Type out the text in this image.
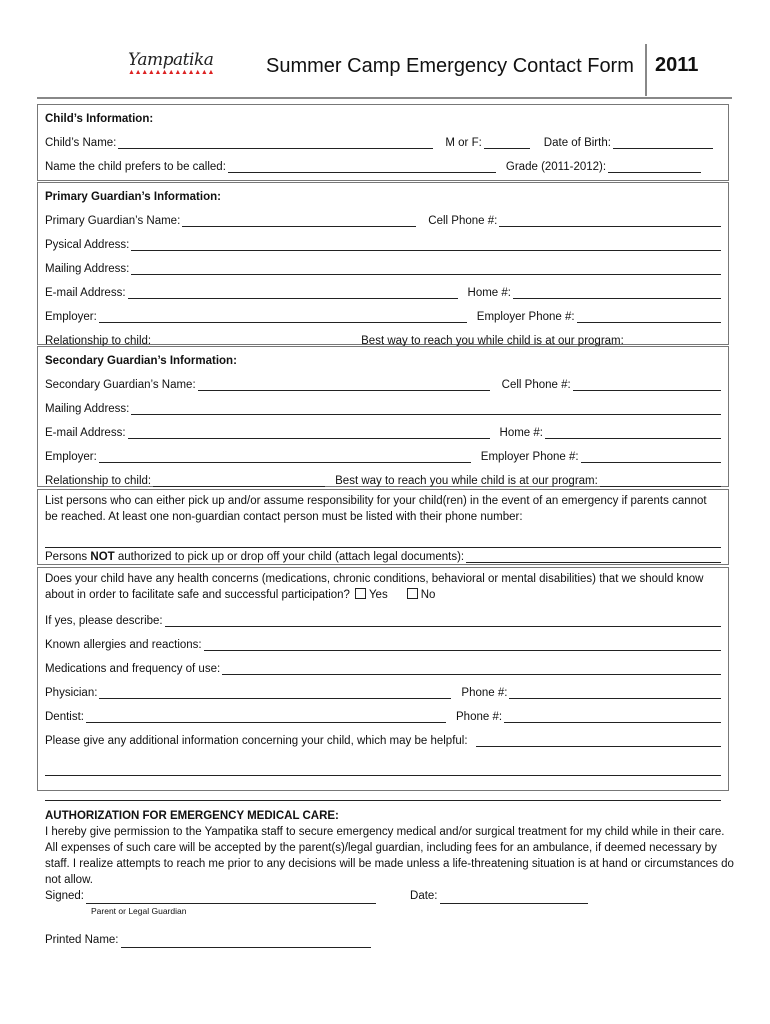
Yampatika
▲▲▲▲▲▲▲▲▲▲▲▲▲	Summer Camp Emergency Contact Form 2011
Child’s Information:
Child’s Name:	M or F:	Date of Birth:
Name the child prefers to be called:	Grade (2011-2012):
Primary Guardian’s Information:
Primary Guardian’s Name:	Cell Phone #:
Pysical Address:
Mailing Address:
E-mail Address:	Home #:
Employer:	Employer Phone #:
Relationship to child:	Best way to reach you while child is at our program:
Secondary Guardian’s Information:
Secondary Guardian’s Name:	Cell Phone #:
Mailing Address:
E-mail Address:	Home #:
Employer:	Employer Phone #:
Relationship to child:	Best way to reach you while child is at our program:
List persons who can either pick up and/or assume responsibility for your child(ren) in the event of an emergency if parents cannot be reached. At least one non-guardian contact person must be listed with their phone number:
Persons NOT authorized to pick up or drop off your child (attach legal documents):
Does your child have any health concerns (medications, chronic conditions, behavioral or mental disabilities) that we should know about in order to facilitate safe and successful participation? Yes	No
If yes, please describe:
Known allergies and reactions:
Medications and frequency of use:
Physician:	Phone #:
Dentist:	Phone #:
Please give any additional information concerning your child, which may be helpful:
AUTHORIZATION FOR EMERGENCY MEDICAL CARE:
I hereby give permission to the Yampatika staff to secure emergency medical and/or surgical treatment for my child while in their care. All expenses of such care will be accepted by the parent(s)/legal guardian, including fees for an ambulance, if deemed necessary by staff. I realize attempts to reach me prior to any decisions will be made unless a life-threatening situation is at hand or circumstances do not allow.
Signed:	Date:
Parent or Legal Guardian
Printed Name:
